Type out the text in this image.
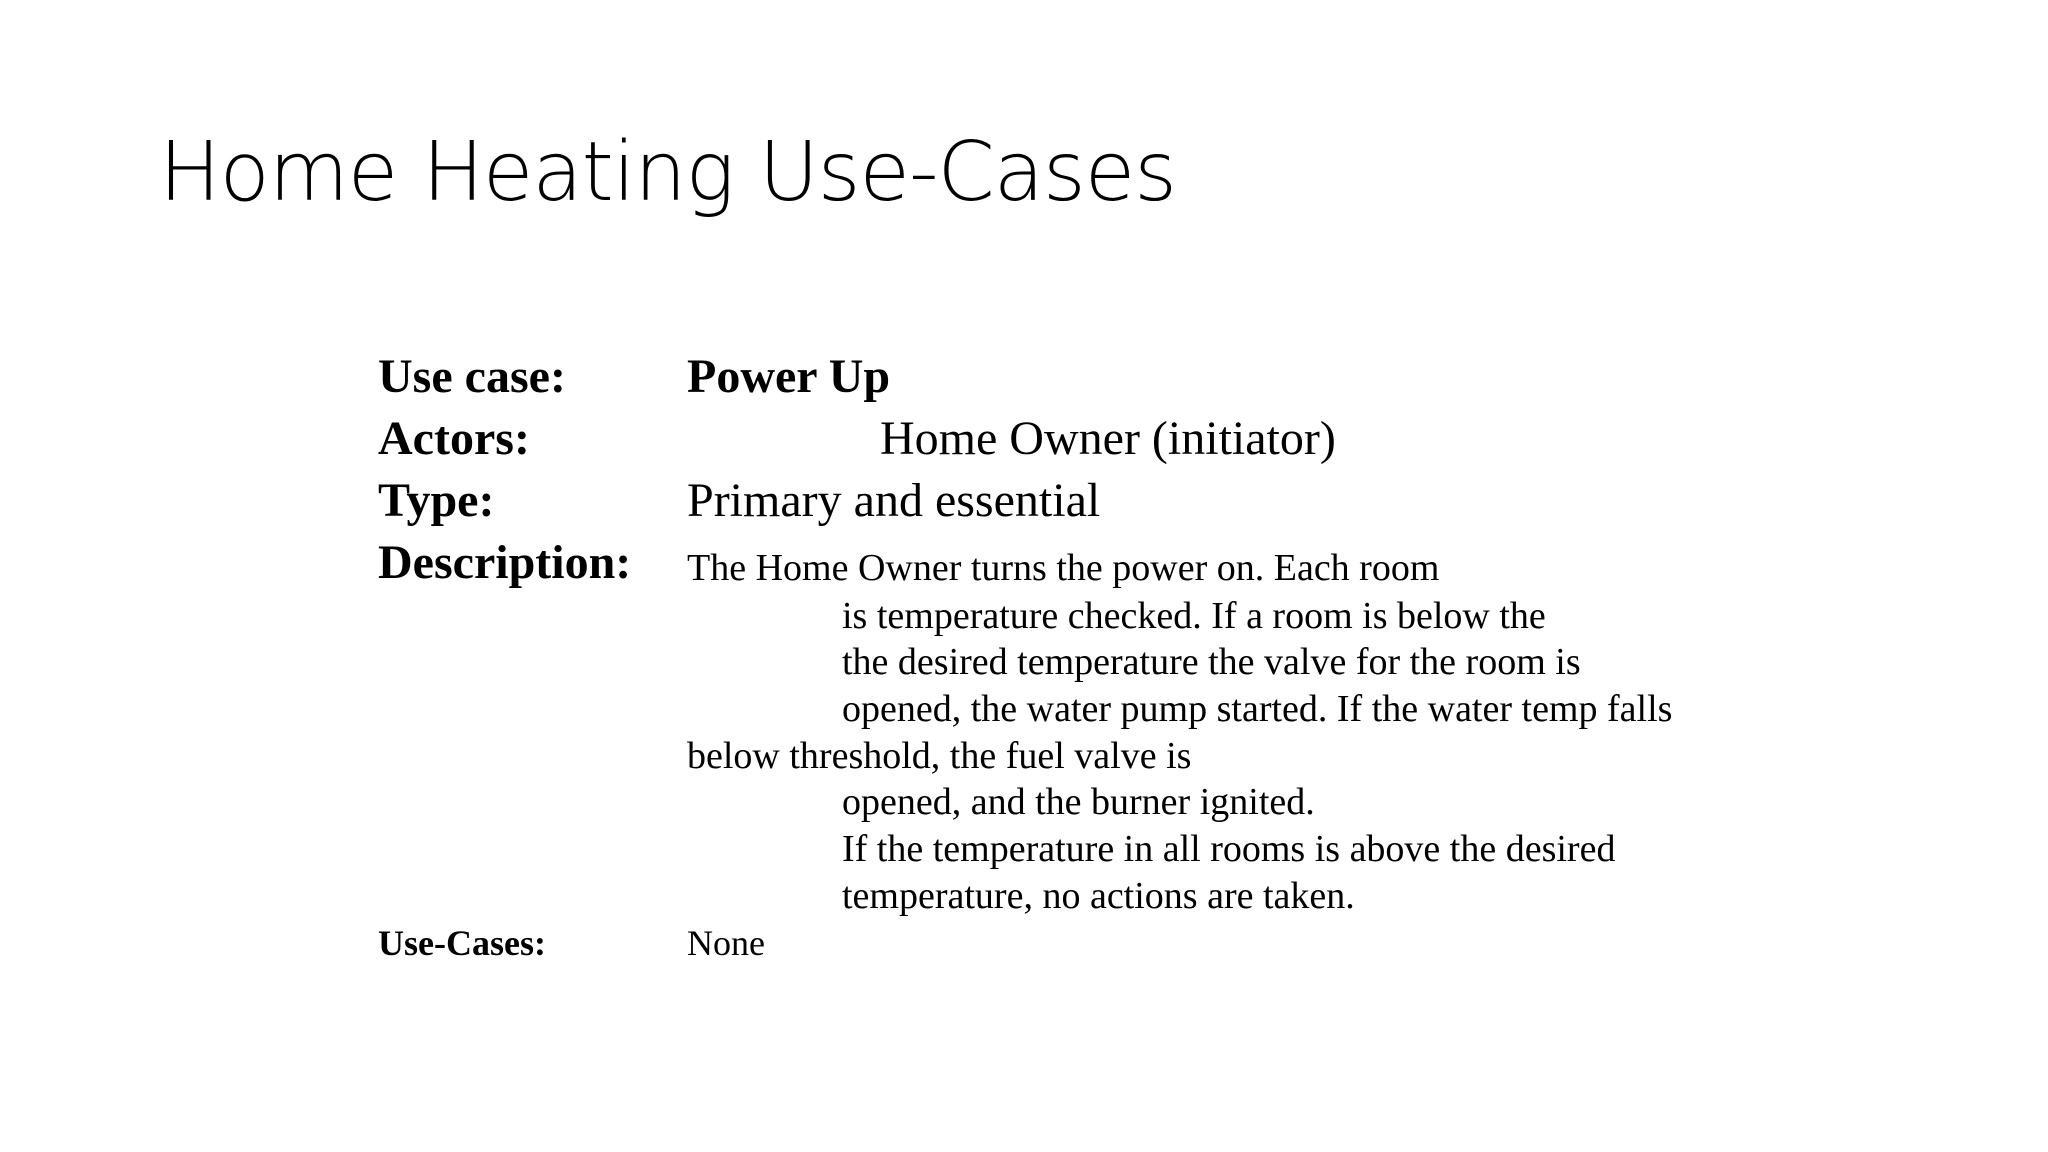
Home Heating Use-Cases
Use case:	Power Up
Actors:	Home Owner (initiator)
Type:	Primary and essential
Description: The Home Owner turns the power on. Each room
is temperature checked. If a room is below the
the desired temperature the valve for the room is
opened, the water pump started. If the water temp falls
below threshold, the fuel valve is
opened, and the burner ignited.
If the temperature in all rooms is above the desired
temperature, no actions are taken.
Use-Cases:	None
